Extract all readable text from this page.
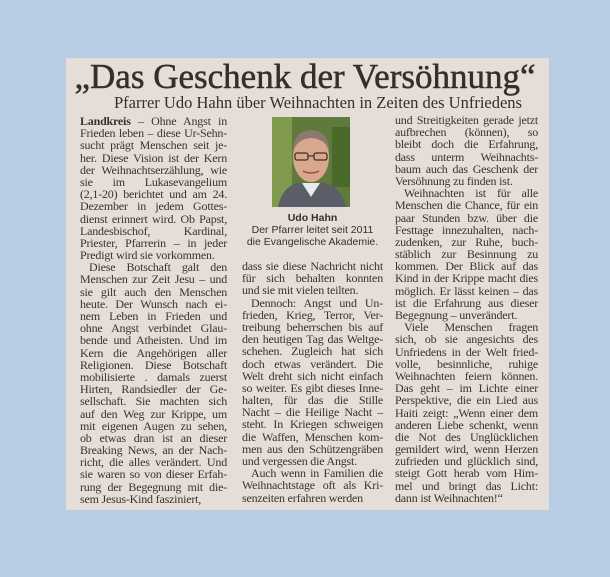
„Das Geschenk der Versöhnung“
Pfarrer Udo Hahn über Weihnachten in Zeiten des Unfriedens
Landkreis – Ohne Angst in
Frieden leben – diese Ur-Sehn-
sucht prägt Menschen seit je-
her. Diese Vision ist der Kern
der Weihnachtserzählung, wie
sie im Lukasevangelium
(2,1-20) berichtet und am 24.
Dezember in jedem Gottes-
dienst erinnert wird. Ob Papst,
Landesbischof, Kardinal,
Priester, Pfarrerin – in jeder
Predigt wird sie vorkommen.
Diese Botschaft galt den
Menschen zur Zeit Jesu – und
sie gilt auch den Menschen
heute. Der Wunsch nach ei-
nem Leben in Frieden und
ohne Angst verbindet Glau-
bende und Atheisten. Und im
Kern die Angehörigen aller
Religionen. Diese Botschaft
mobilisierte . damals zuerst
Hirten, Randsiedler der Ge-
sellschaft. Sie machten sich
auf den Weg zur Krippe, um
mit eigenen Augen zu sehen,
ob etwas dran ist an dieser
Breaking News, an der Nach-
richt, die alles verändert. Und
sie waren so von dieser Erfah-
rung der Begegnung mit die-
sem Jesus-Kind fasziniert,
dass sie diese Nachricht nicht
für sich behalten konnten
und sie mit vielen teilten.
Dennoch: Angst und Un-
frieden, Krieg, Terror, Ver-
treibung beherrschen bis auf
den heutigen Tag das Weltge-
schehen. Zugleich hat sich
doch etwas verändert. Die
Welt dreht sich nicht einfach
so weiter. Es gibt dieses Inne-
halten, für das die Stille
Nacht – die Heilige Nacht –
steht. In Kriegen schweigen
die Waffen, Menschen kom-
men aus den Schützengräben
und vergessen die Angst.
Auch wenn in Familien die
Weihnachtstage oft als Kri-
senzeiten erfahren werden
und Streitigkeiten gerade jetzt
aufbrechen (können), so
bleibt doch die Erfahrung,
dass unterm Weihnachts-
baum auch das Geschenk der
Versöhnung zu finden ist.
Weihnachten ist für alle
Menschen die Chance, für ein
paar Stunden bzw. über die
Festtage innezuhalten, nach-
zudenken, zur Ruhe, buch-
stäblich zur Besinnung zu
kommen. Der Blick auf das
Kind in der Krippe macht dies
möglich. Er lässt keinen – das
ist die Erfahrung aus dieser
Begegnung – unverändert.
Viele Menschen fragen
sich, ob sie angesichts des
Unfriedens in der Welt fried-
volle, besinnliche, ruhige
Weihnachten feiern können.
Das geht – im Lichte einer
Perspektive, die ein Lied aus
Haiti zeigt: „Wenn einer dem
anderen Liebe schenkt, wenn
die Not des Unglücklichen
gemildert wird, wenn Herzen
zufrieden und glücklich sind,
steigt Gott herab vom Him-
mel und bringt das Licht:
dann ist Weihnachten!“
Udo Hahn
Der Pfarrer leitet seit 2011
die Evangelische Akademie.
